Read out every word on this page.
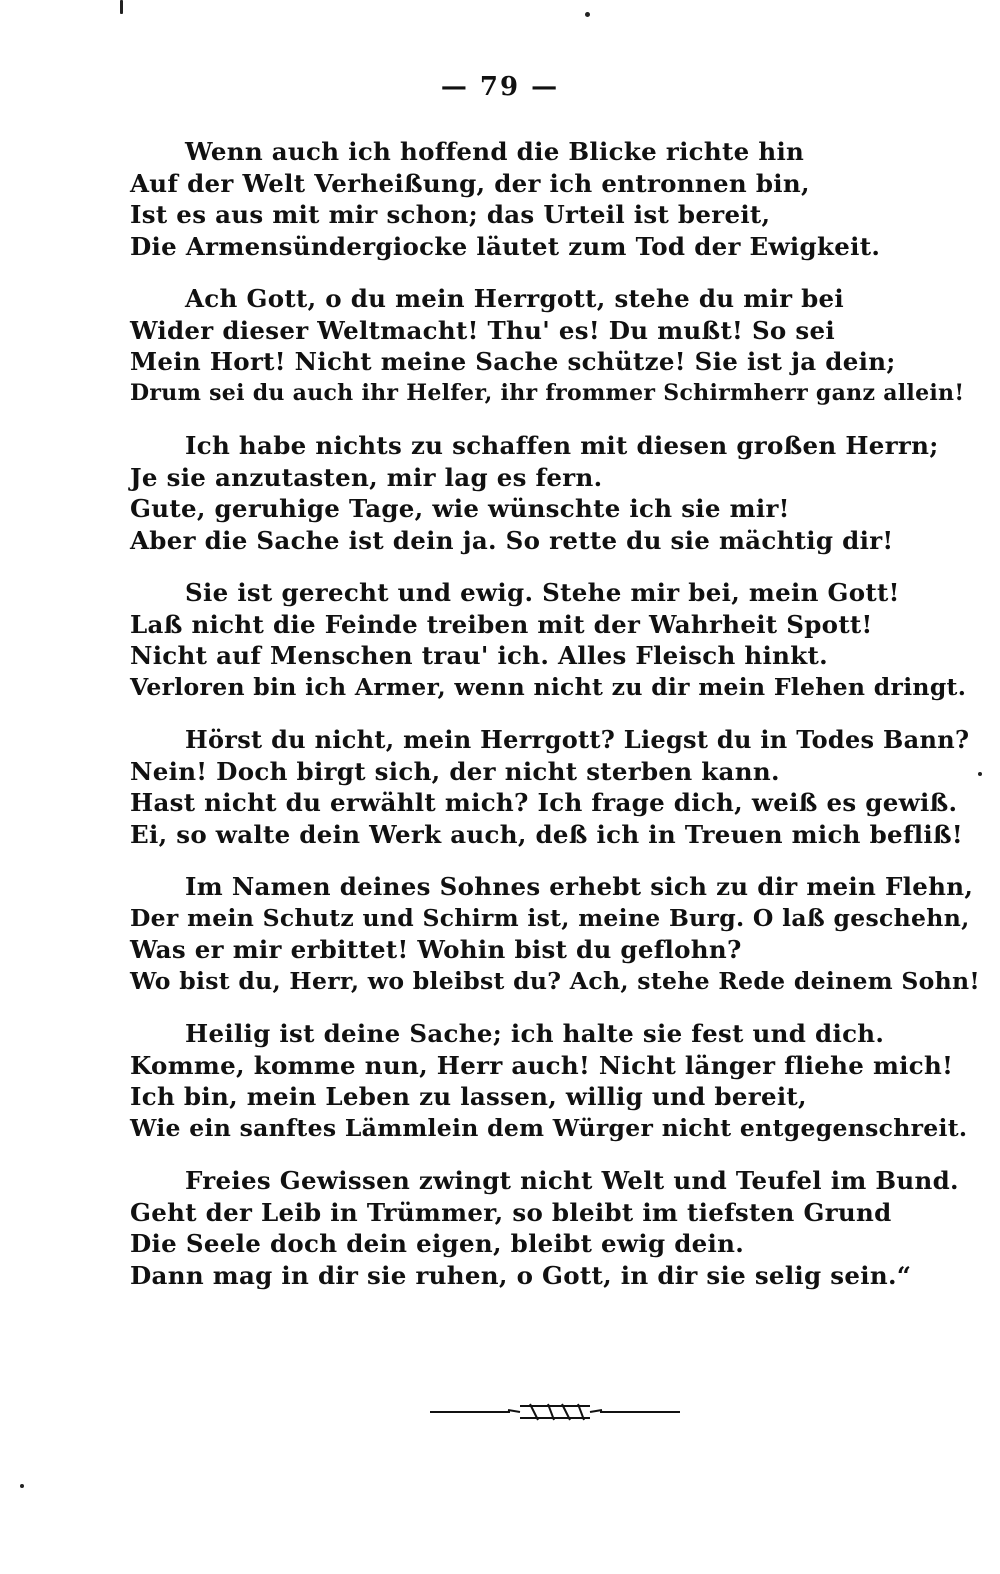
— 79 —
Wenn auch ich hoffend die Blicke richte hin
Auf der Welt Verheißung, der ich entronnen bin,
Ist es aus mit mir schon; das Urteil ist bereit,
Die Armensündergiocke läutet zum Tod der Ewigkeit.
Ach Gott, o du mein Herrgott, stehe du mir bei
Wider dieser Weltmacht! Thu' es! Du mußt! So sei
Mein Hort! Nicht meine Sache schütze! Sie ist ja dein;
Drum sei du auch ihr Helfer, ihr frommer Schirmherr ganz allein!
Ich habe nichts zu schaffen mit diesen großen Herrn;
Je sie anzutasten, mir lag es fern.
Gute, geruhige Tage, wie wünschte ich sie mir!
Aber die Sache ist dein ja. So rette du sie mächtig dir!
Sie ist gerecht und ewig. Stehe mir bei, mein Gott!
Laß nicht die Feinde treiben mit der Wahrheit Spott!
Nicht auf Menschen trau' ich. Alles Fleisch hinkt.
Verloren bin ich Armer, wenn nicht zu dir mein Flehen dringt.
Hörst du nicht, mein Herrgott? Liegst du in Todes Bann?
Nein! Doch birgt sich, der nicht sterben kann.
Hast nicht du erwählt mich? Ich frage dich, weiß es gewiß.
Ei, so walte dein Werk auch, deß ich in Treuen mich befliß!
Im Namen deines Sohnes erhebt sich zu dir mein Flehn,
Der mein Schutz und Schirm ist, meine Burg. O laß geschehn,
Was er mir erbittet! Wohin bist du geflohn?
Wo bist du, Herr, wo bleibst du? Ach, stehe Rede deinem Sohn!
Heilig ist deine Sache; ich halte sie fest und dich.
Komme, komme nun, Herr auch! Nicht länger fliehe mich!
Ich bin, mein Leben zu lassen, willig und bereit,
Wie ein sanftes Lämmlein dem Würger nicht entgegenschreit.
Freies Gewissen zwingt nicht Welt und Teufel im Bund.
Geht der Leib in Trümmer, so bleibt im tiefsten Grund
Die Seele doch dein eigen, bleibt ewig dein.
Dann mag in dir sie ruhen, o Gott, in dir sie selig sein.“
